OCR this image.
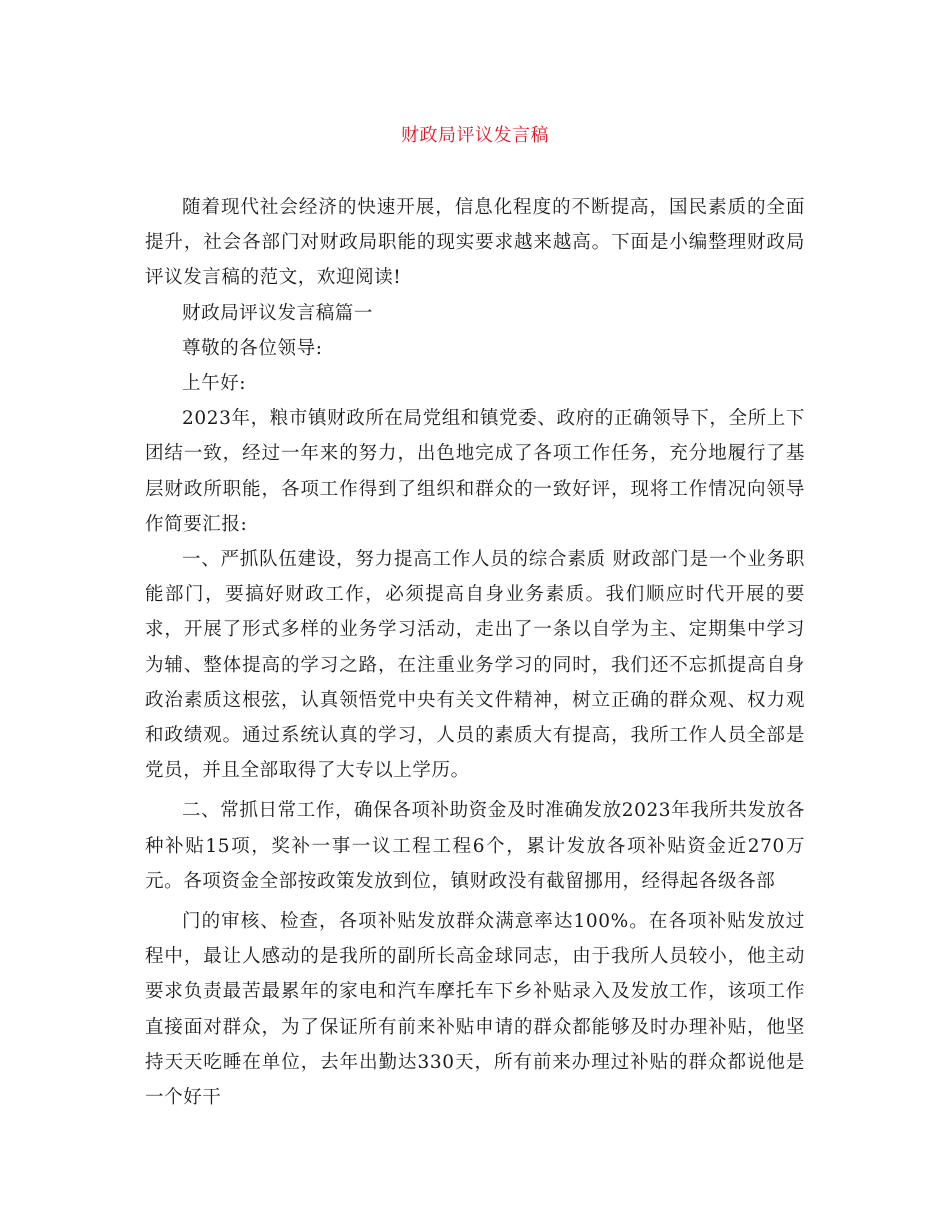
财政局评议发言稿

随着现代社会经济的快速开展，信息化程度的不断提高，国民素质的全面提升，社会各部门对财政局职能的现实要求越来越高。下面是小编整理财政局评议发言稿的范文，欢迎阅读!

财政局评议发言稿篇一

尊敬的各位领导:

上午好:

2023年，粮市镇财政所在局党组和镇党委、政府的正确领导下，全所上下团结一致，经过一年来的努力，出色地完成了各项工作任务，充分地履行了基层财政所职能，各项工作得到了组织和群众的一致好评，现将工作情况向领导作简要汇报:

一、严抓队伍建设，努力提高工作人员的综合素质 财政部门是一个业务职能部门，要搞好财政工作，必须提高自身业务素质。我们顺应时代开展的要求，开展了形式多样的业务学习活动，走出了一条以自学为主、定期集中学习为辅、整体提高的学习之路，在注重业务学习的同时，我们还不忘抓提高自身政治素质这根弦，认真领悟党中央有关文件精神，树立正确的群众观、权力观和政绩观。通过系统认真的学习，人员的素质大有提高，我所工作人员全部是党员，并且全部取得了大专以上学历。

二、常抓日常工作，确保各项补助资金及时准确发放2023年我所共发放各种补贴15项，奖补一事一议工程工程6个，累计发放各项补贴资金近270万元。各项资金全部按政策发放到位，镇财政没有截留挪用，经得起各级各部

门的审核、检查，各项补贴发放群众满意率达100%。在各项补贴发放过程中，最让人感动的是我所的副所长高金球同志，由于我所人员较小，他主动要求负责最苦最累年的家电和汽车摩托车下乡补贴录入及发放工作，该项工作直接面对群众，为了保证所有前来补贴申请的群众都能够及时办理补贴，他坚持天天吃睡在单位，去年出勤达330天，所有前来办理过补贴的群众都说他是一个好干
